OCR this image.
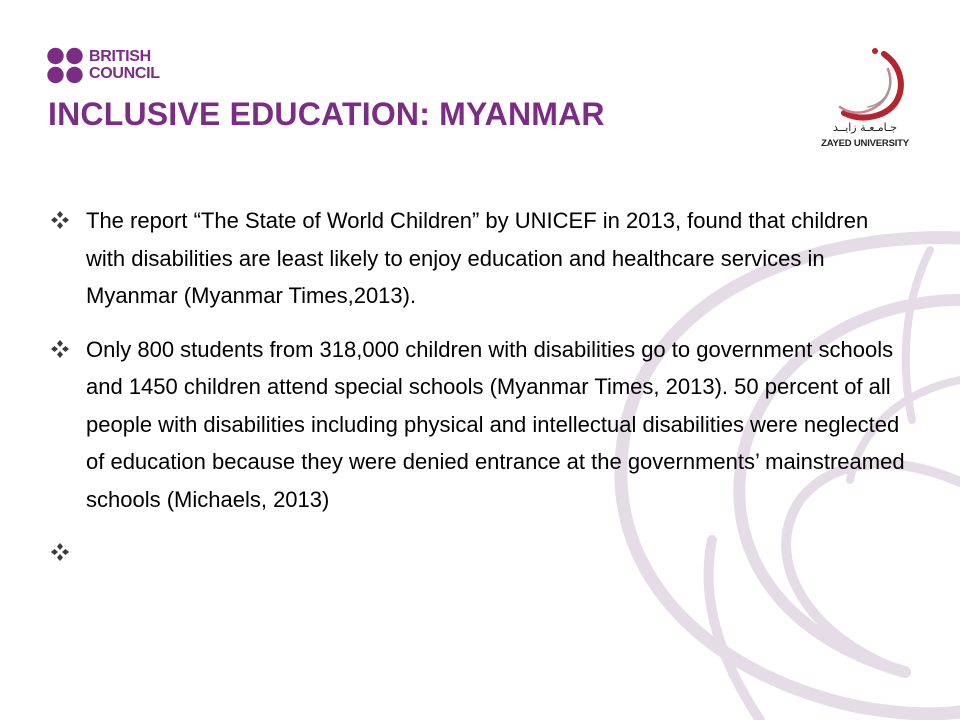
BRITISH
COUNCIL
INCLUSIVE EDUCATION: MYANMAR	جـامـعـة زايــد
ZAYED UNIVERSITY
The report “The State of World Children” by UNICEF in 2013, found that children with disabilities are least likely to enjoy education and healthcare services in Myanmar (Myanmar Times,2013).
Only 800 students from 318,000 children with disabilities go to government schools and 1450 children attend special schools (Myanmar Times, 2013). 50 percent of all people with disabilities including physical and intellectual disabilities were neglected of education because they were denied entrance at the governments’ mainstreamed schools (Michaels, 2013)
